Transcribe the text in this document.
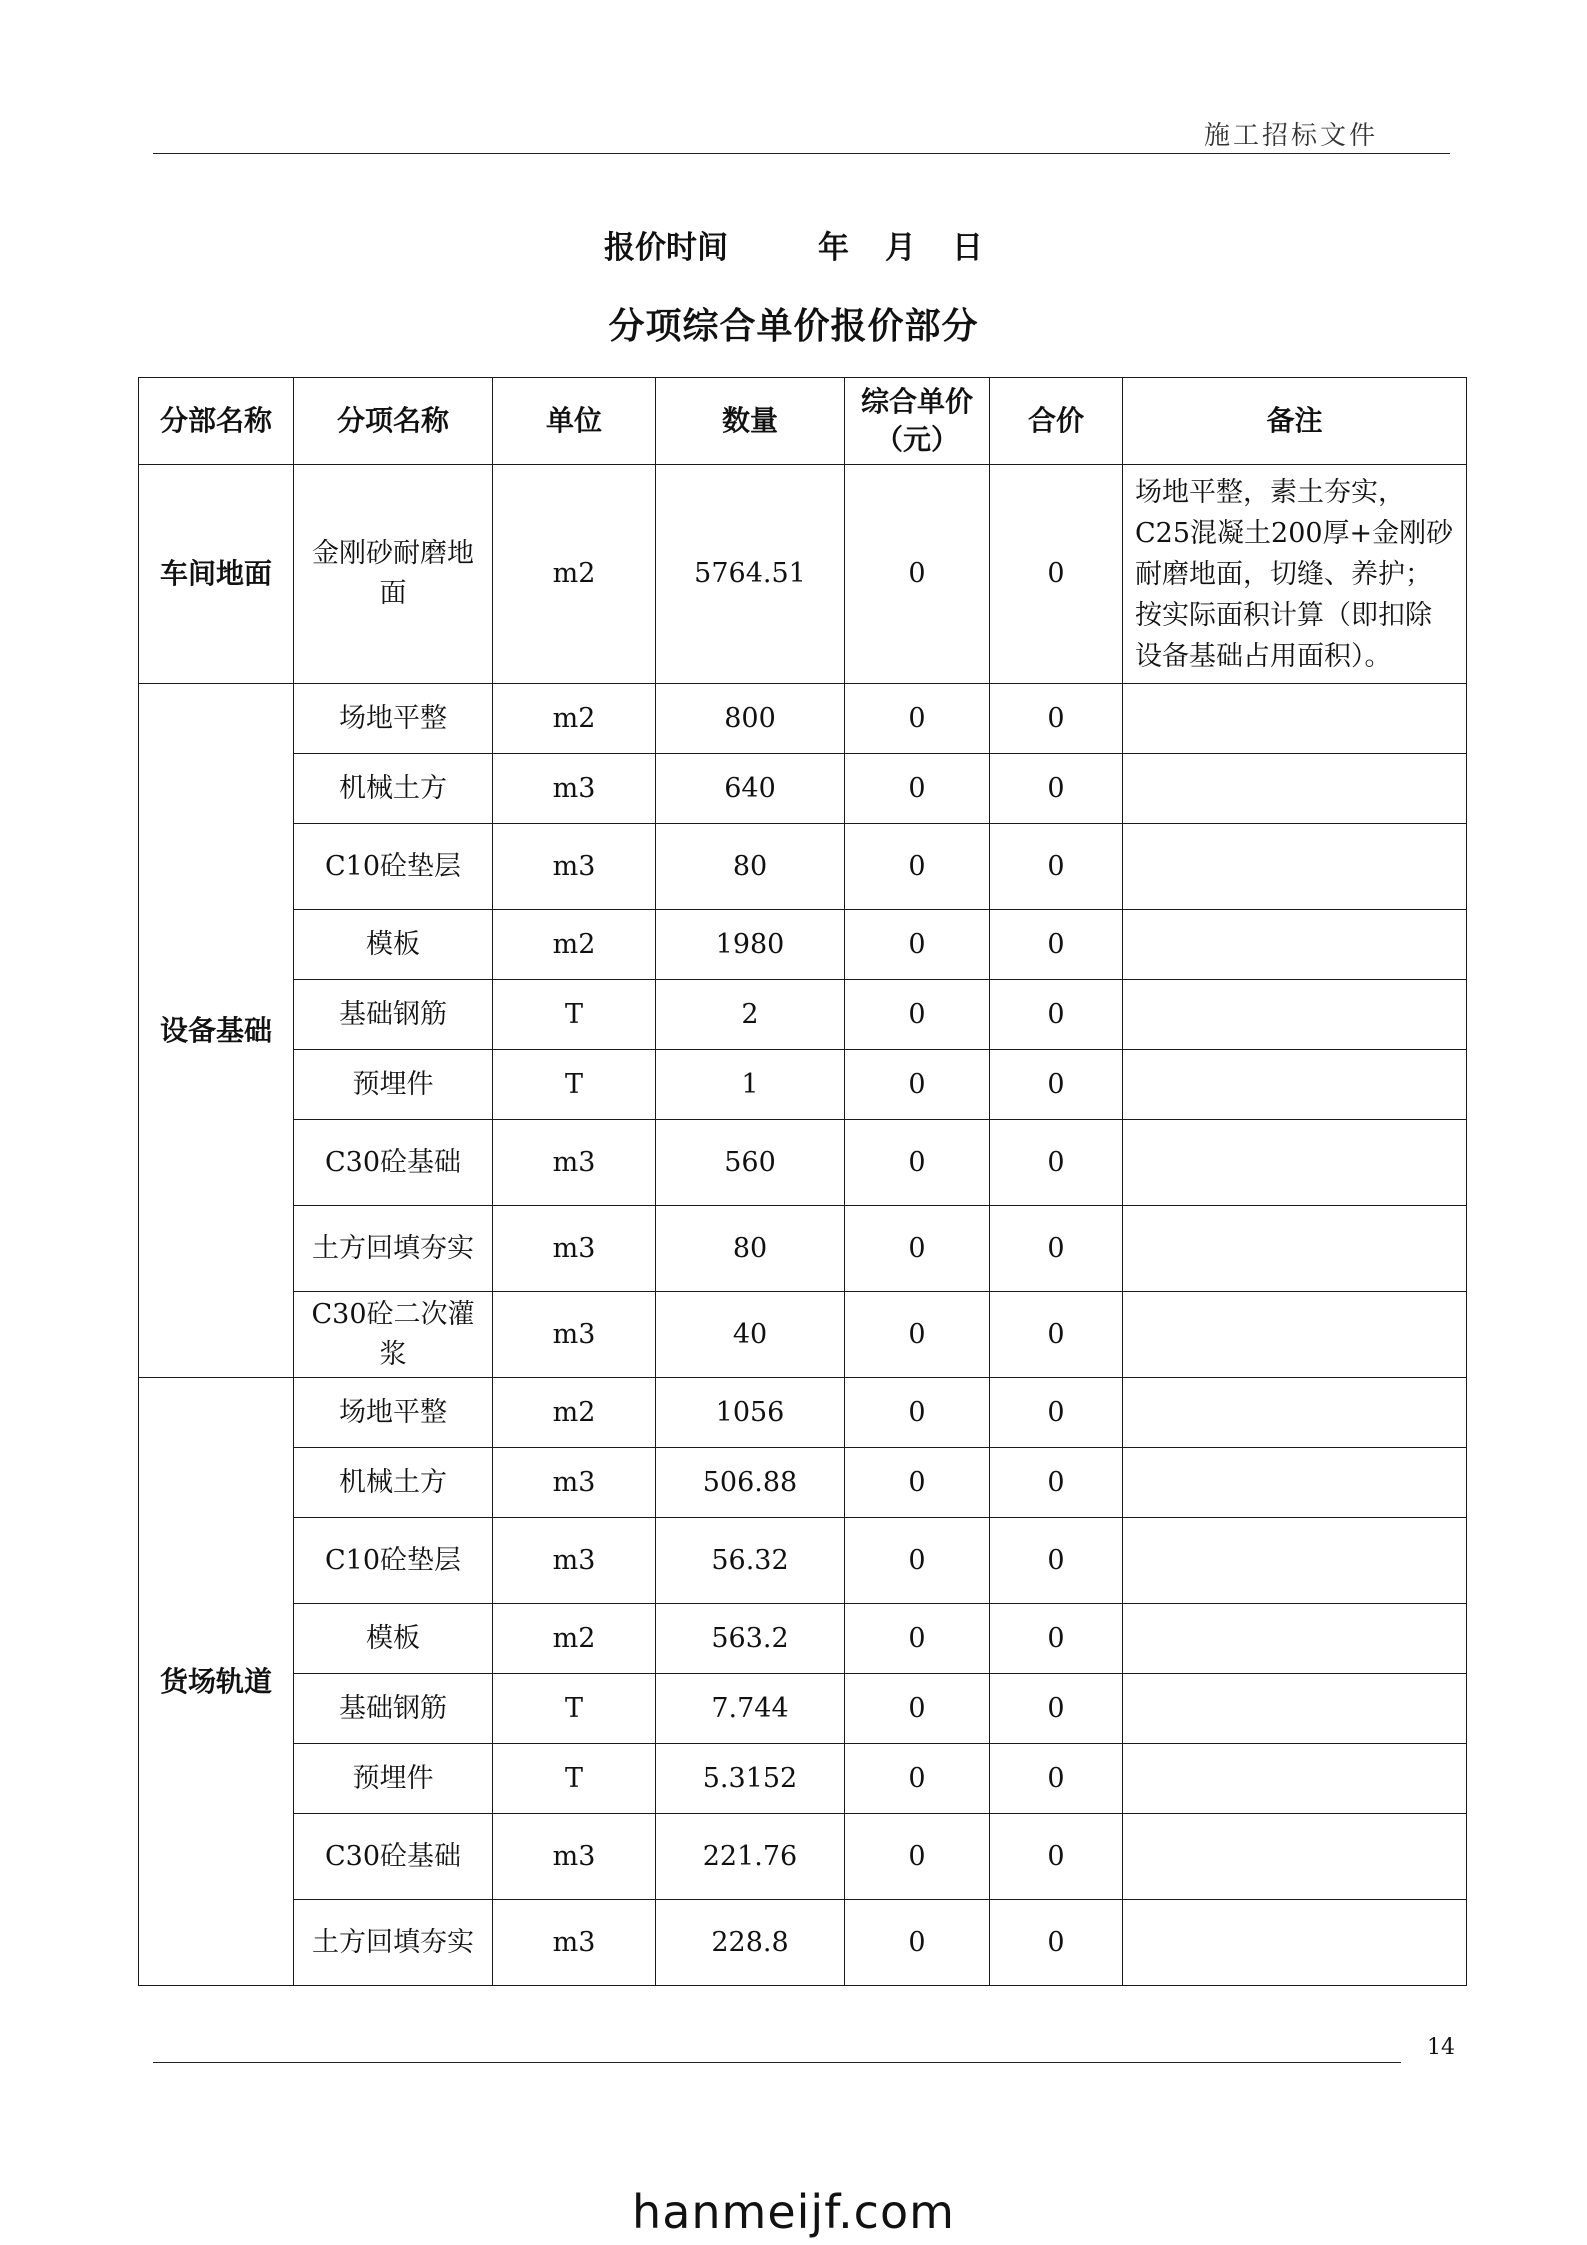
施工招标文件
报价时间	年 月 日
分项综合单价报价部分
分部名称	分项名称	单位	数量	综合单价（元）	合价	备注
车间地面	金刚砂耐磨地面	m2	5764.51	0	0	场地平整，素土夯实，C25混凝土200厚+金刚砂耐磨地面，切缝、养护；按实际面积计算（即扣除设备基础占用面积）。
设备基础	场地平整	m2	800	0	0	
	机械土方	m3	640	0	0	
	C10砼垫层	m3	80	0	0	
	模板	m2	1980	0	0	
	基础钢筋	T	2	0	0	
	预埋件	T	1	0	0	
	C30砼基础	m3	560	0	0	
	土方回填夯实	m3	80	0	0	
	C30砼二次灌浆	m3	40	0	0	
货场轨道	场地平整	m2	1056	0	0	
	机械土方	m3	506.88	0	0	
	C10砼垫层	m3	56.32	0	0	
	模板	m2	563.2	0	0	
	基础钢筋	T	7.744	0	0	
	预埋件	T	5.3152	0	0	
	C30砼基础	m3	221.76	0	0	
	土方回填夯实	m3	228.8	0	0	
14
hanmeijf.com
